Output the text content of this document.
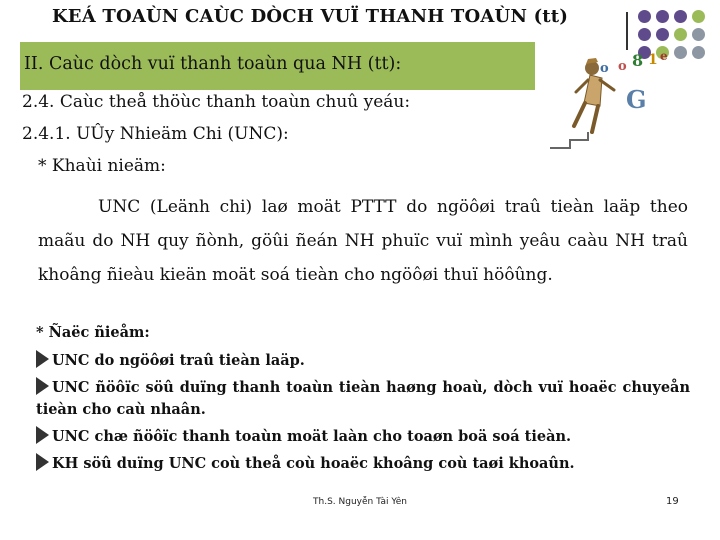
KEÁ TOAÙN CAÙC DÒCH VUÏ THANH TOAÙN (tt)
II. Caùc dòch vuï thanh toaùn qua NH (tt):	o o 8 1 e
G
2.4. Caùc theå thöùc thanh toaùn chuû yeáu:
2.4.1. UÛy Nhieäm Chi (UNC):
* Khaùi nieäm:
UNC (Leänh chi) laø moät PTTT do ngöôøi traû tieàn laäp theo maãu do NH quy ñònh, göûi ñeán NH phuïc vuï mình yeâu caàu NH traû khoâng ñieàu kieän moät soá tieàn cho ngöôøi thuï höôûng.
* Ñaëc ñieåm:
UNC do ngöôøi traû tieàn laäp.
UNC ñöôïc söû duïng thanh toaùn tieàn haøng hoaù, dòch vuï hoaëc chuyeån tieàn cho caù nhaân.
UNC chæ ñöôïc thanh toaùn moät laàn cho toaøn boä soá tieàn.
KH söû duïng UNC coù theå coù hoaëc khoâng coù taøi khoaûn.
Th.S. Nguyễn Tài Yên	19
